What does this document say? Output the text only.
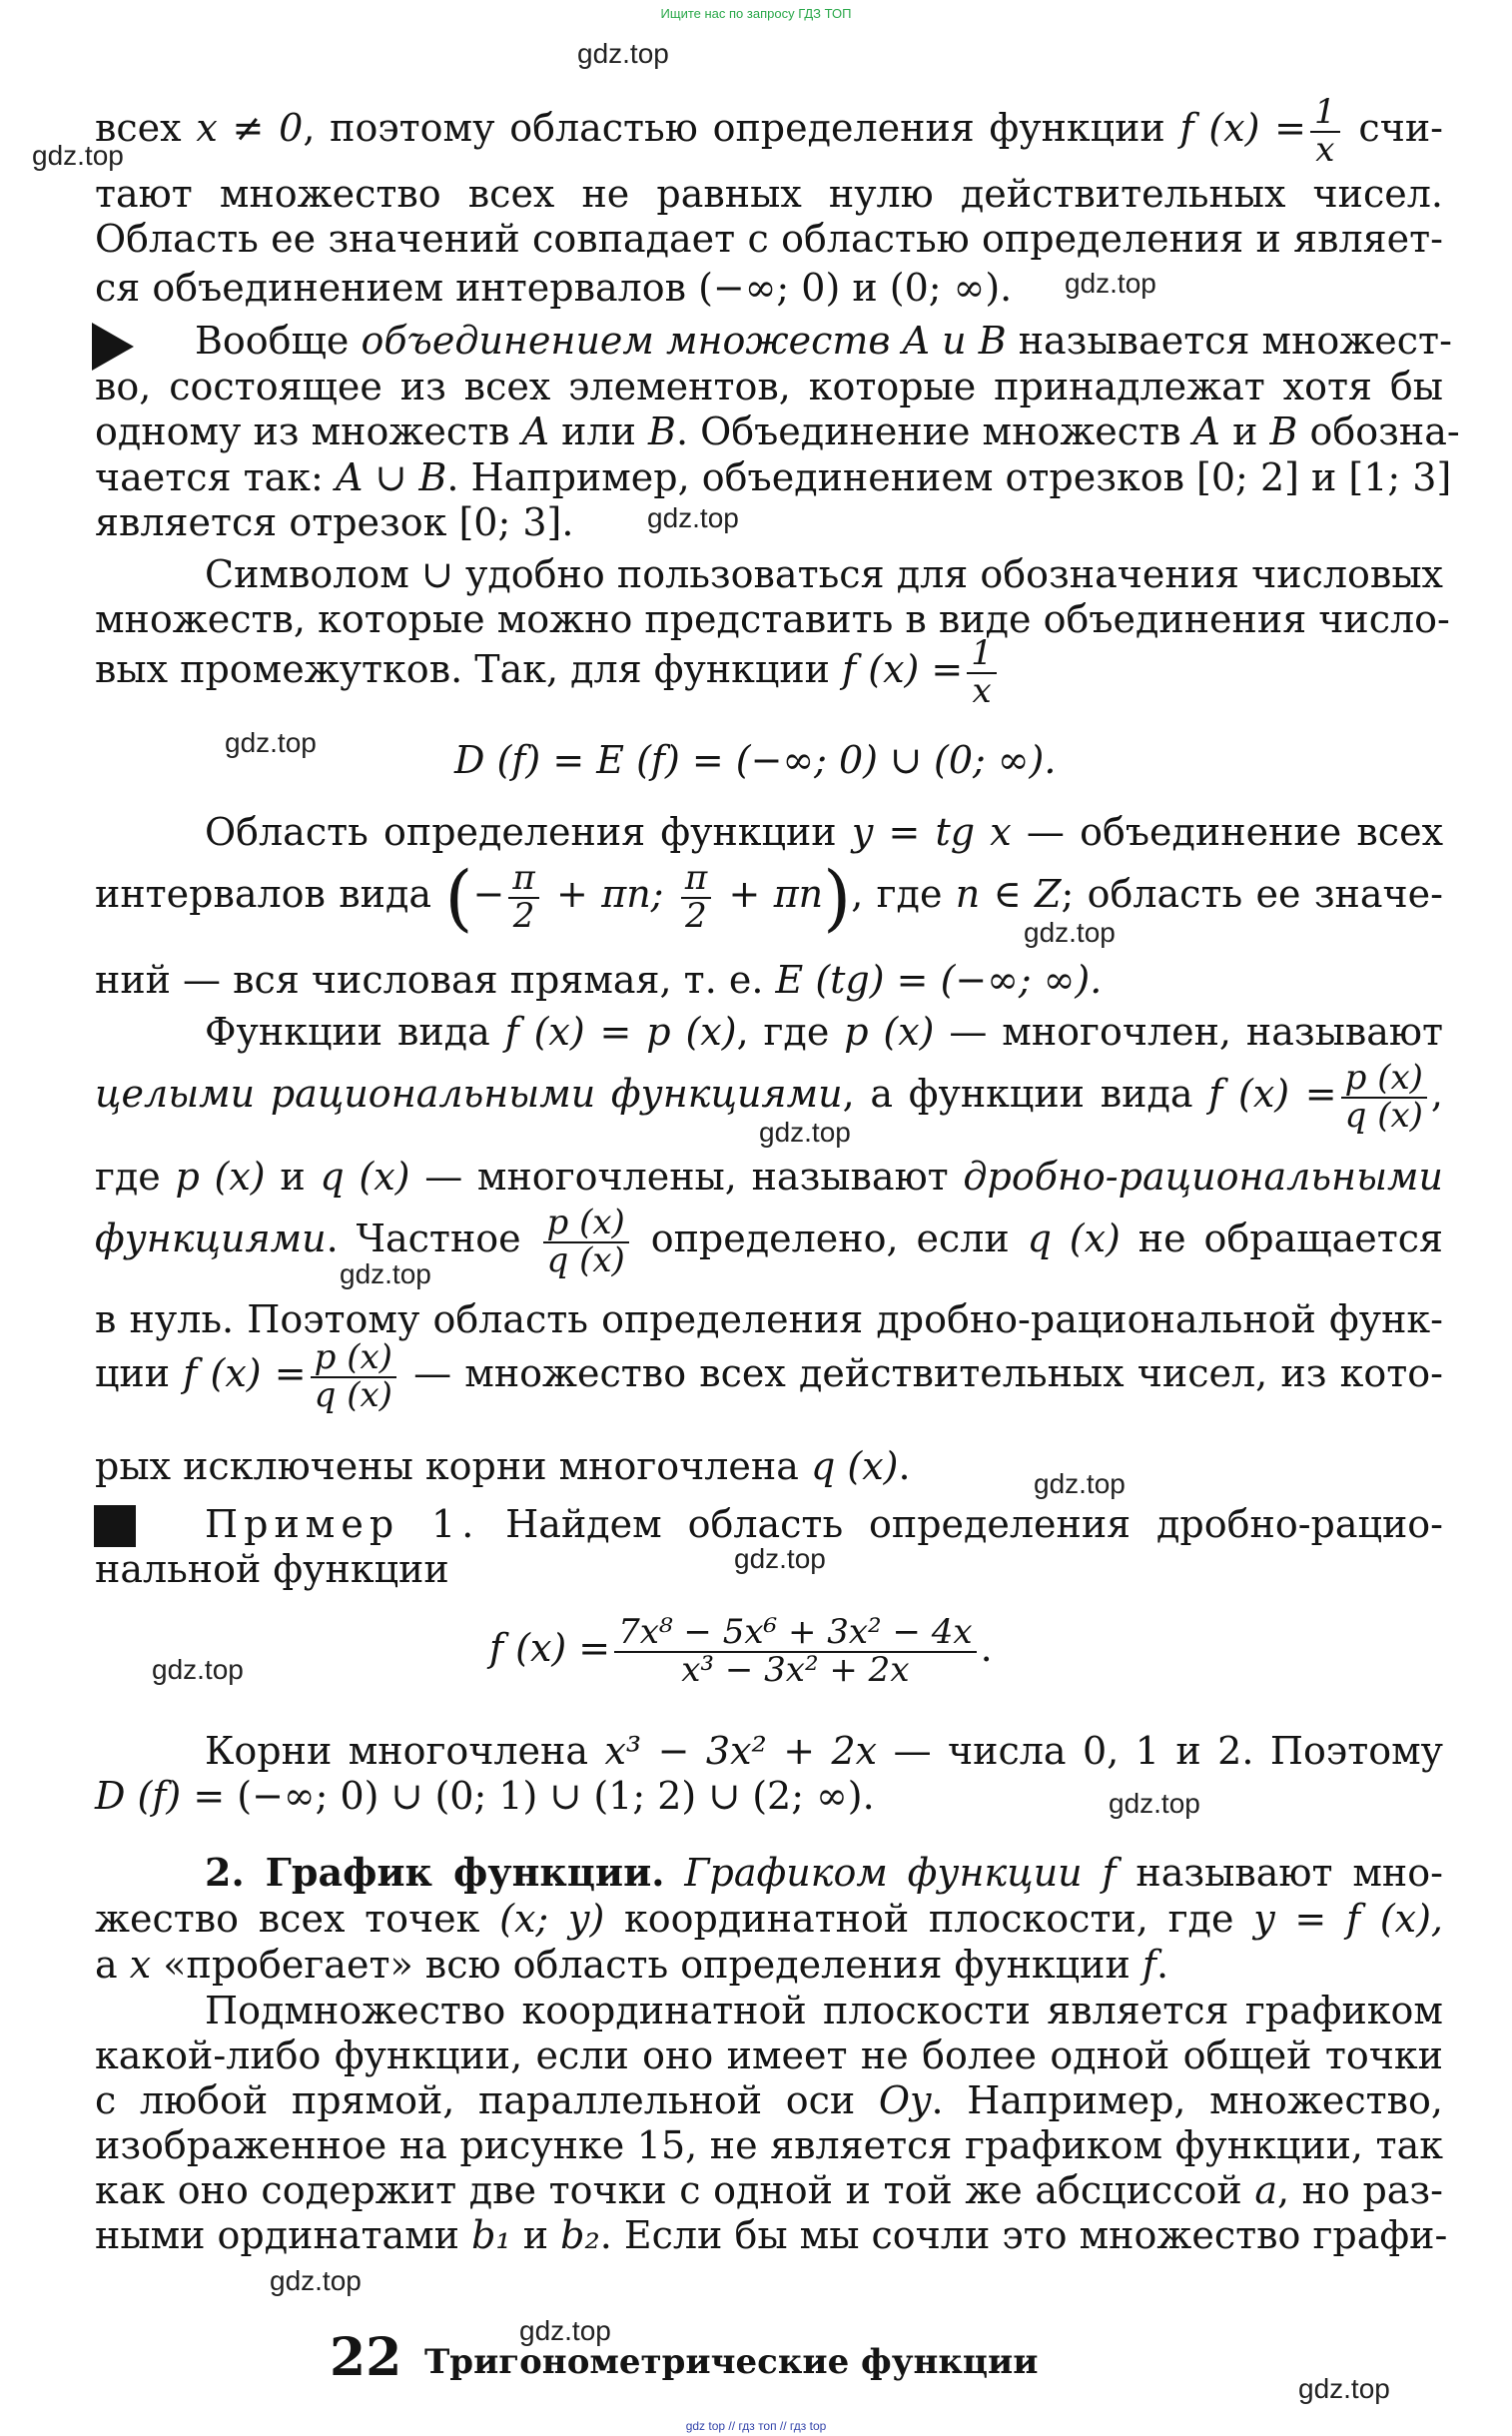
Ищите нас по запросу ГДЗ ТОП
gdz.top
gdz.top
gdz.top
gdz.top
gdz.top
gdz.top
gdz.top
gdz.top
gdz.top
gdz.top
gdz.top
gdz.top
gdz.top
gdz.top
gdz.top
всех x ≠ 0, поэтому областью определения функции f $(x) = \frac{1}{x} счи-$
тают множество всех не равных нулю действительных чисел.
Область ее значений совпадает с областью определения и являет-
ся объединением интервалов (−∞; 0) и (0; ∞).
Вообще объединением множеств A и B называется множест-
во, состоящее из всех элементов, которые принадлежат хотя бы
одному из множеств A или B. Объединение множеств A и B обозна-
чается так: A ∪ B. Например, объединением отрезков [0; 2] и [1; 3]
является отрезок [0; 3].
Символом ∪ удобно пользоваться для обозначения числовых
множеств, которые можно представить в виде объединения число-
вых промежутков. Так, для функции f $(x) = \frac{1}{x}$
D (f) = E (f) = (−∞; 0) ∪ (0; ∞).
Область определения функции y = tg x — объединение всех
интервалов вида (− $\frac{\pi}{2} + \pi n$; $\frac{\pi}{2} + \pi n$), где n ∈ Z; область ее значе-
ний — вся числовая прямая, т. е. E (tg) = (−∞; ∞).
Функции вида f (x) = p (x), где p (x) — многочлен, называют
целыми рациональными функциями, а функции вида f $(x) = \frac{p (x)}{q (x)}$ ,
где p (x) и q (x) — многочлены, называют дробно-рациональными
функциями. Частное $\frac{p (x)}{q (x)}$ определено, если q (x) не обращается
в нуль. Поэтому область определения дробно-рациональной функ-
ции f $(x) = \frac{p (x)}{q (x)}$ — множество всех действительных чисел, из кото-
рых исключены корни многочлена q (x).
Пример 1. Найдем область определения дробно-рацио-
нальной функции
f $(x) = \frac{\text{7x⁸ − 5x⁶ + 3x² − 4x}}{\text{x³ − 3x² + 2x}}$ .
Корни многочлена x³ − 3x² + 2x — числа 0, 1 и 2. Поэтому
D (f) = (−∞; 0) ∪ (0; 1) ∪ (1; 2) ∪ (2; ∞).
2. График функции. Графиком функции f называют мно-
жество всех точек (x; y) координатной плоскости, где y = f (x),
а x «пробегает» всю область определения функции f.
Подмножество координатной плоскости является графиком
какой-либо функции, если оно имеет не более одной общей точки
с любой прямой, параллельной оси Oy. Например, множество,
изображенное на рисунке 15, не является графиком функции, так
как оно содержит две точки с одной и той же абсциссой a, но раз-
ными ординатами b₁ и b₂. Если бы мы сочли это множество графи-
22 Тригонометрические функции
gdz top // гдз топ // гдз top
